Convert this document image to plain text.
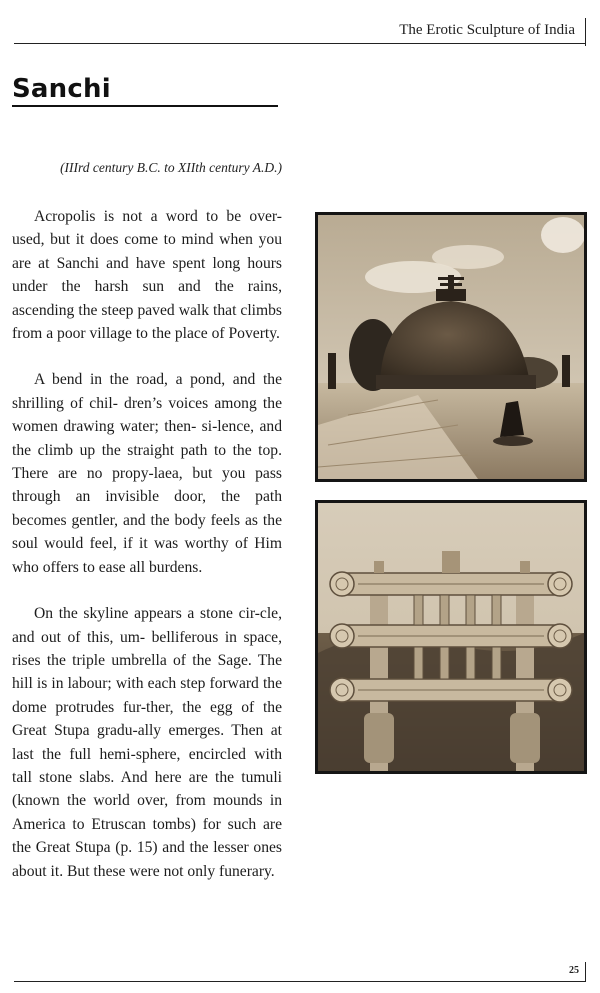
The Erotic Sculpture of India
Sanchi

(IIIrd century B.C. to XIIth century A.D.)

Acropolis is not a word to be over-used, but it does come to mind when you are at Sanchi and have spent long hours under the harsh sun and the rains, ascending the steep paved walk that climbs from a poor village to the place of Poverty.

A bend in the road, a pond, and the shrilling of chil- dren’s voices among the women drawing water; then- si-lence, and the climb up the straight path to the top. There are no propy-laea, but you pass through an invisible door, the path becomes gentler, and the body feels as the soul would feel, if it was worthy of Him who offers to ease all burdens.

On the skyline appears a stone cir-cle, and out of this, um- belliferous in space, rises the triple umbrella of the Sage. The hill is in labour; with each step forward the dome protrudes fur-ther, the egg of the Great Stupa gradu-ally emerges. Then at last the full hemi-sphere, encircled with tall stone slabs. And here are the tumuli (known the world over, from mounds in America to Etruscan tombs) for such are the Great Stupa (p. 15) and the lesser ones about it. But these were not only funerary.

25
